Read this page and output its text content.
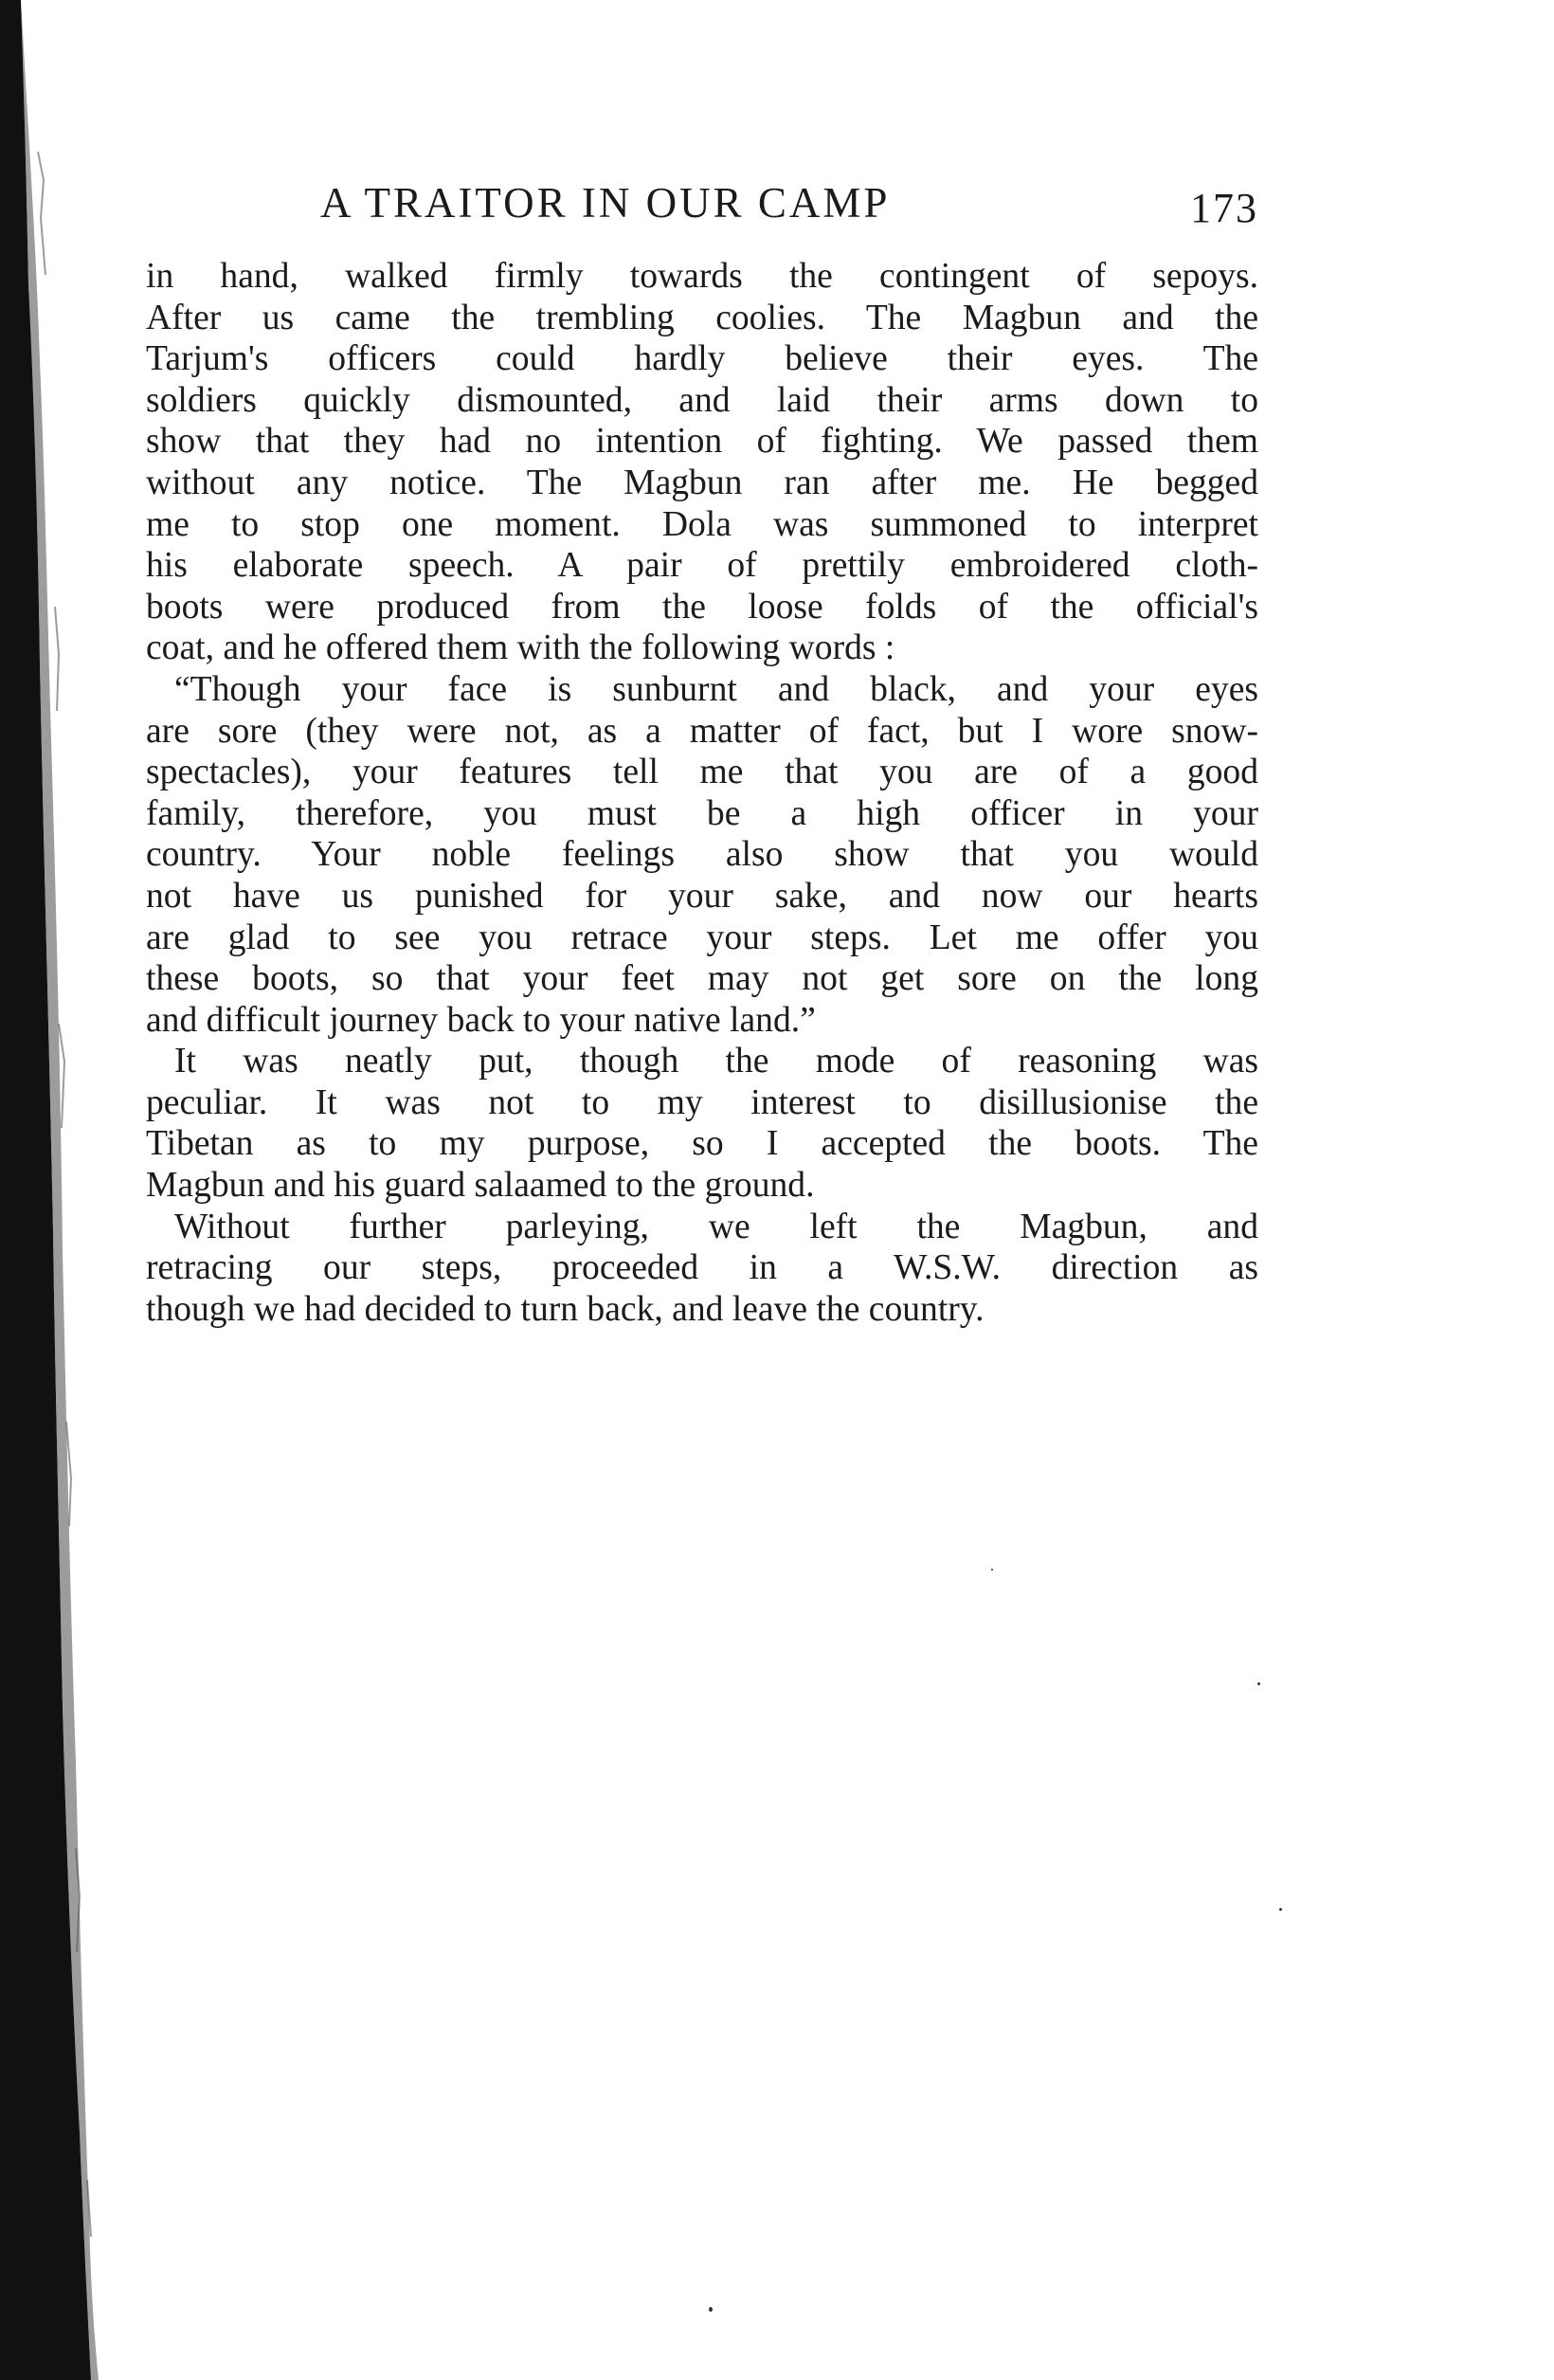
A TRAITOR IN OUR CAMP	173
in hand, walked firmly towards the contingent of sepoys.
After us came the trembling coolies. The Magbun and the
Tarjum's officers could hardly believe their eyes. The
soldiers quickly dismounted, and laid their arms down to
show that they had no intention of fighting. We passed them
without any notice. The Magbun ran after me. He begged
me to stop one moment. Dola was summoned to interpret
his elaborate speech. A pair of prettily embroidered cloth-
boots were produced from the loose folds of the official's
coat, and he offered them with the following words :
“Though your face is sunburnt and black, and your eyes
are sore (they were not, as a matter of fact, but I wore snow-
spectacles), your features tell me that you are of a good
family, therefore, you must be a high officer in your
country. Your noble feelings also show that you would
not have us punished for your sake, and now our hearts
are glad to see you retrace your steps. Let me offer you
these boots, so that your feet may not get sore on the long
and difficult journey back to your native land.”
It was neatly put, though the mode of reasoning was
peculiar. It was not to my interest to disillusionise the
Tibetan as to my purpose, so I accepted the boots. The
Magbun and his guard salaamed to the ground.
Without further parleying, we left the Magbun, and
retracing our steps, proceeded in a W.S.W. direction as
though we had decided to turn back, and leave the country.
